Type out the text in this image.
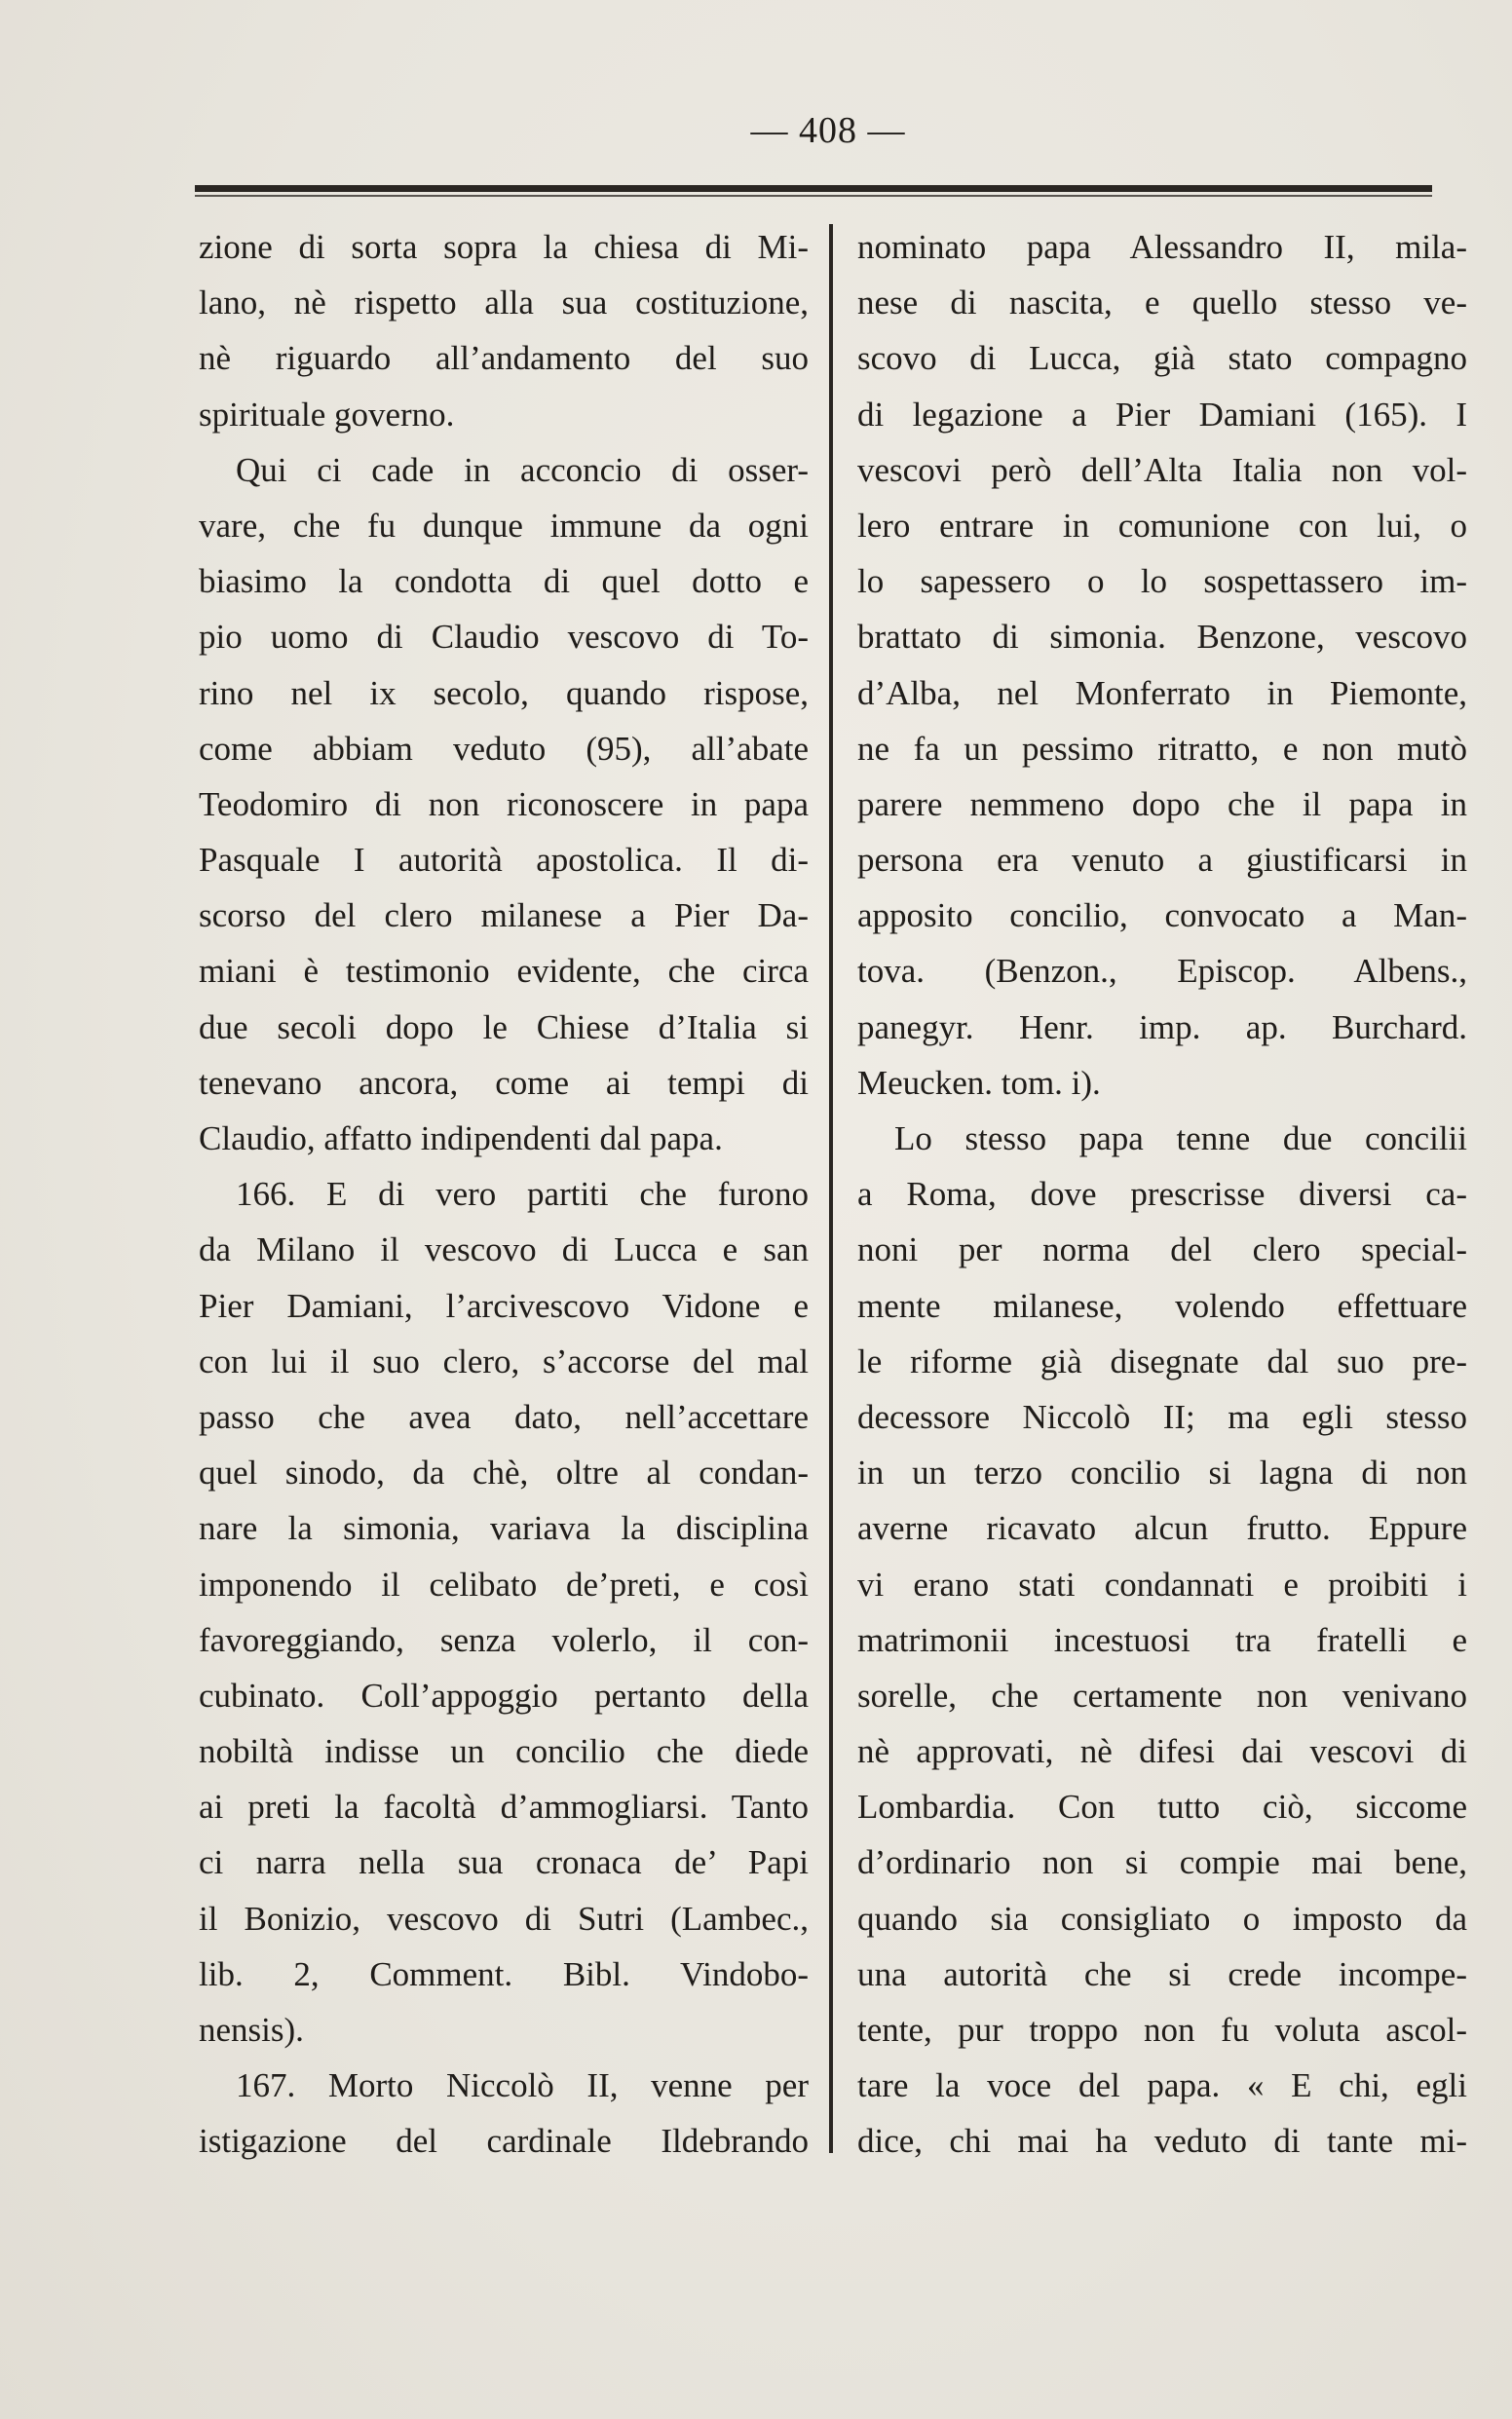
— 408 —
zione di sorta sopra la chiesa di Mi-
lano, nè rispetto alla sua costituzione,
nè riguardo all’andamento del suo
spirituale governo.
Qui ci cade in acconcio di osser-
vare, che fu dunque immune da ogni
biasimo la condotta di quel dotto e
pio uomo di Claudio vescovo di To-
rino nel ix secolo, quando rispose,
come abbiam veduto (95), all’abate
Teodomiro di non riconoscere in papa
Pasquale I autorità apostolica. Il di-
scorso del clero milanese a Pier Da-
miani è testimonio evidente, che circa
due secoli dopo le Chiese d’Italia si
tenevano ancora, come ai tempi di
Claudio, affatto indipendenti dal papa.
166. E di vero partiti che furono
da Milano il vescovo di Lucca e san
Pier Damiani, l’arcivescovo Vidone e
con lui il suo clero, s’accorse del mal
passo che avea dato, nell’accettare
quel sinodo, da chè, oltre al condan-
nare la simonia, variava la disciplina
imponendo il celibato de’preti, e così
favoreggiando, senza volerlo, il con-
cubinato. Coll’appoggio pertanto della
nobiltà indisse un concilio che diede
ai preti la facoltà d’ammogliarsi. Tanto
ci narra nella sua cronaca de’ Papi
il Bonizio, vescovo di Sutri (Lambec.,
lib. 2, Comment. Bibl. Vindobo-
nensis).
167. Morto Niccolò II, venne per
istigazione del cardinale Ildebrando
nominato papa Alessandro II, mila-
nese di nascita, e quello stesso ve-
scovo di Lucca, già stato compagno
di legazione a Pier Damiani (165). I
vescovi però dell’Alta Italia non vol-
lero entrare in comunione con lui, o
lo sapessero o lo sospettassero im-
brattato di simonia. Benzone, vescovo
d’Alba, nel Monferrato in Piemonte,
ne fa un pessimo ritratto, e non mutò
parere nemmeno dopo che il papa in
persona era venuto a giustificarsi in
apposito concilio, convocato a Man-
tova. (Benzon., Episcop. Albens.,
panegyr. Henr. imp. ap. Burchard.
Meucken. tom. i).
Lo stesso papa tenne due concilii
a Roma, dove prescrisse diversi ca-
noni per norma del clero special-
mente milanese, volendo effettuare
le riforme già disegnate dal suo pre-
decessore Niccolò II; ma egli stesso
in un terzo concilio si lagna di non
averne ricavato alcun frutto. Eppure
vi erano stati condannati e proibiti i
matrimonii incestuosi tra fratelli e
sorelle, che certamente non venivano
nè approvati, nè difesi dai vescovi di
Lombardia. Con tutto ciò, siccome
d’ordinario non si compie mai bene,
quando sia consigliato o imposto da
una autorità che si crede incompe-
tente, pur troppo non fu voluta ascol-
tare la voce del papa. « E chi, egli
dice, chi mai ha veduto di tante mi-
